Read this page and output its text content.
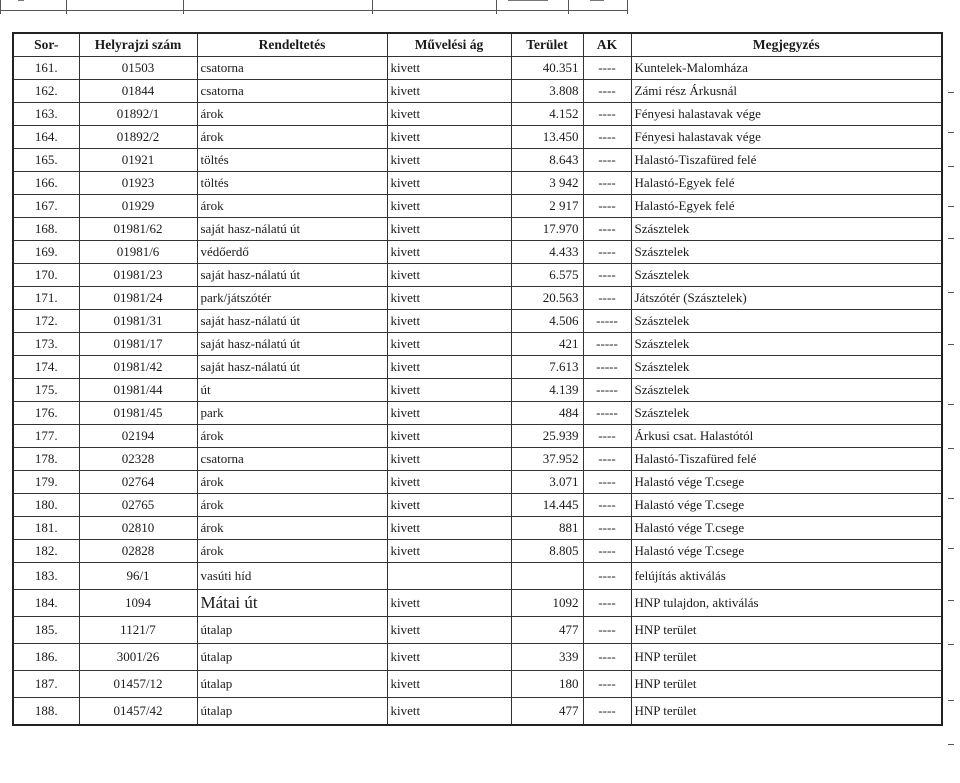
Sor-	Helyrajzi szám	Rendeltetés	Művelési ág	Terület	AK	Megjegyzés
161.	01503	csatorna	kivett	40.351	----	Kuntelek-Malomháza
162.	01844	csatorna	kivett	3.808	----	Zámi rész Árkusnál
163.	01892/1	árok	kivett	4.152	----	Fényesi halastavak vége
164.	01892/2	árok	kivett	13.450	----	Fényesi halastavak vége
165.	01921	töltés	kivett	8.643	----	Halastó-Tiszafüred felé
166.	01923	töltés	kivett	3 942	----	Halastó-Egyek felé
167.	01929	árok	kivett	2 917	----	Halastó-Egyek felé
168.	01981/62	saját hasz-nálatú út	kivett	17.970	----	Szásztelek
169.	01981/6	védőerdő	kivett	4.433	----	Szásztelek
170.	01981/23	saját hasz-nálatú út	kivett	6.575	----	Szásztelek
171.	01981/24	park/játszótér	kivett	20.563	----	Játszótér (Szásztelek)
172.	01981/31	saját hasz-nálatú út	kivett	4.506	-----	Szásztelek
173.	01981/17	saját hasz-nálatú út	kivett	421	-----	Szásztelek
174.	01981/42	saját hasz-nálatú út	kivett	7.613	-----	Szásztelek
175.	01981/44	út	kivett	4.139	-----	Szásztelek
176.	01981/45	park	kivett	484	-----	Szásztelek
177.	02194	árok	kivett	25.939	----	Árkusi csat. Halastótól
178.	02328	csatorna	kivett	37.952	----	Halastó-Tiszafüred felé
179.	02764	árok	kivett	3.071	----	Halastó vége T.csege
180.	02765	árok	kivett	14.445	----	Halastó vége T.csege
181.	02810	árok	kivett	881	----	Halastó vége T.csege
182.	02828	árok	kivett	8.805	----	Halastó vége T.csege
183.	96/1	vasúti híd			----	felújítás aktiválás
184.	1094	Mátai út	kivett	1092	----	HNP tulajdon, aktiválás
185.	1121/7	útalap	kivett	477	----	HNP terület
186.	3001/26	útalap	kivett	339	----	HNP terület
187.	01457/12	útalap	kivett	180	----	HNP terület
188.	01457/42	útalap	kivett	477	----	HNP terület
